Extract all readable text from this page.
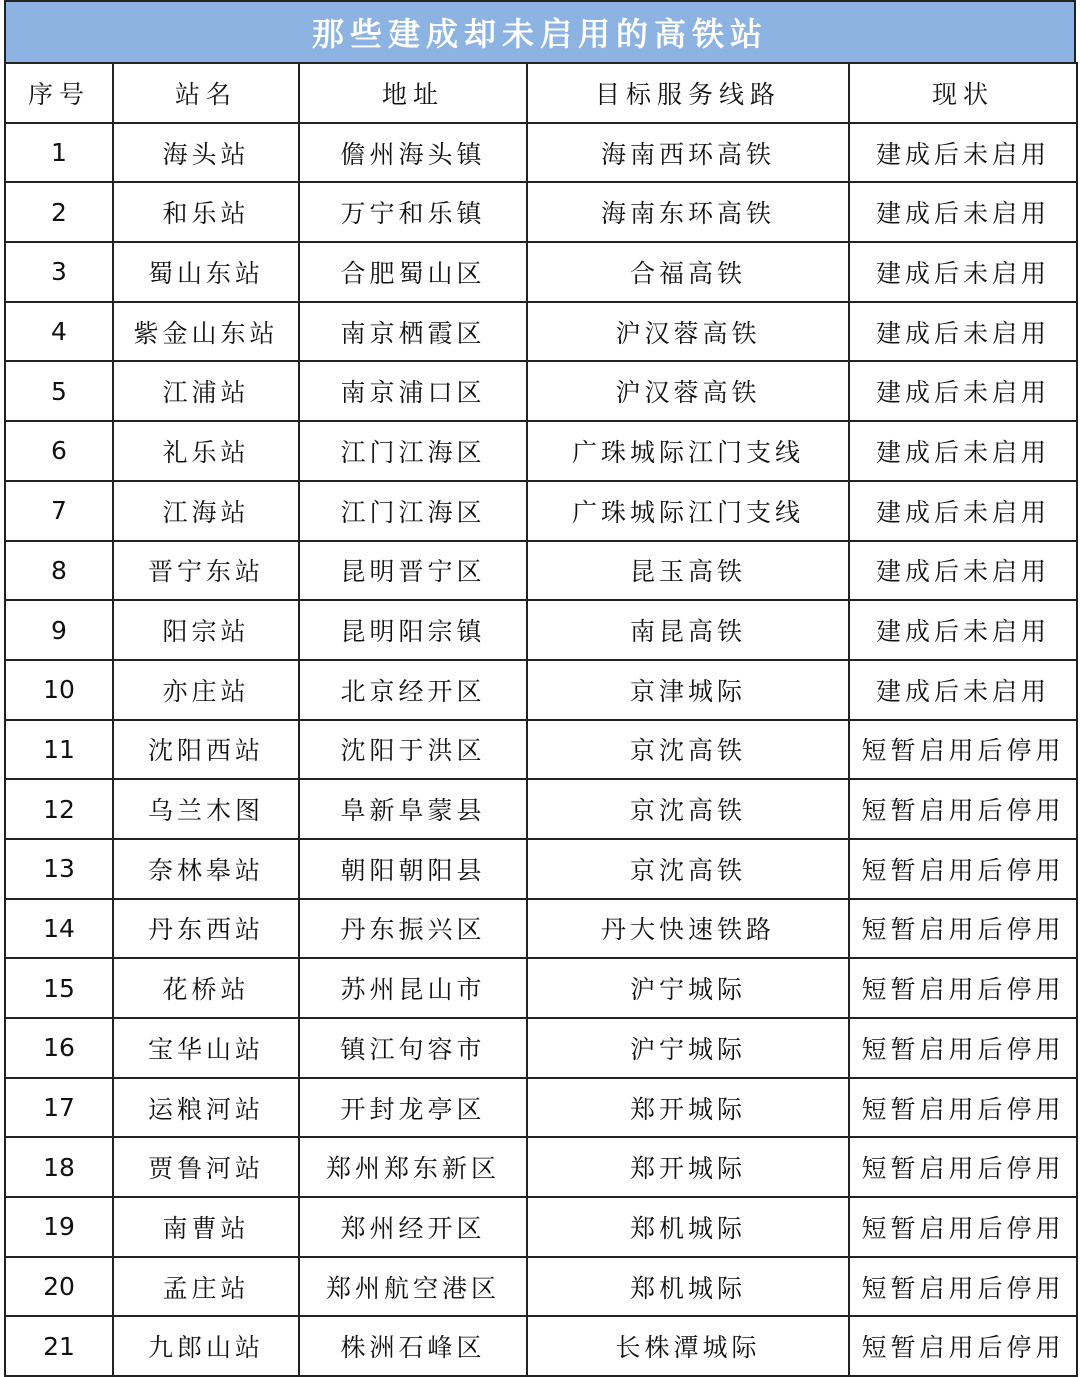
那些建成却未启用的高铁站
序号	站名	地址	目标服务线路	现状
1	海头站	儋州海头镇	海南西环高铁	建成后未启用
2	和乐站	万宁和乐镇	海南东环高铁	建成后未启用
3	蜀山东站	合肥蜀山区	合福高铁	建成后未启用
4	紫金山东站	南京栖霞区	沪汉蓉高铁	建成后未启用
5	江浦站	南京浦口区	沪汉蓉高铁	建成后未启用
6	礼乐站	江门江海区	广珠城际江门支线	建成后未启用
7	江海站	江门江海区	广珠城际江门支线	建成后未启用
8	晋宁东站	昆明晋宁区	昆玉高铁	建成后未启用
9	阳宗站	昆明阳宗镇	南昆高铁	建成后未启用
10	亦庄站	北京经开区	京津城际	建成后未启用
11	沈阳西站	沈阳于洪区	京沈高铁	短暂启用后停用
12	乌兰木图	阜新阜蒙县	京沈高铁	短暂启用后停用
13	奈林皋站	朝阳朝阳县	京沈高铁	短暂启用后停用
14	丹东西站	丹东振兴区	丹大快速铁路	短暂启用后停用
15	花桥站	苏州昆山市	沪宁城际	短暂启用后停用
16	宝华山站	镇江句容市	沪宁城际	短暂启用后停用
17	运粮河站	开封龙亭区	郑开城际	短暂启用后停用
18	贾鲁河站	郑州郑东新区	郑开城际	短暂启用后停用
19	南曹站	郑州经开区	郑机城际	短暂启用后停用
20	孟庄站	郑州航空港区	郑机城际	短暂启用后停用
21	九郎山站	株洲石峰区	长株潭城际	短暂启用后停用
